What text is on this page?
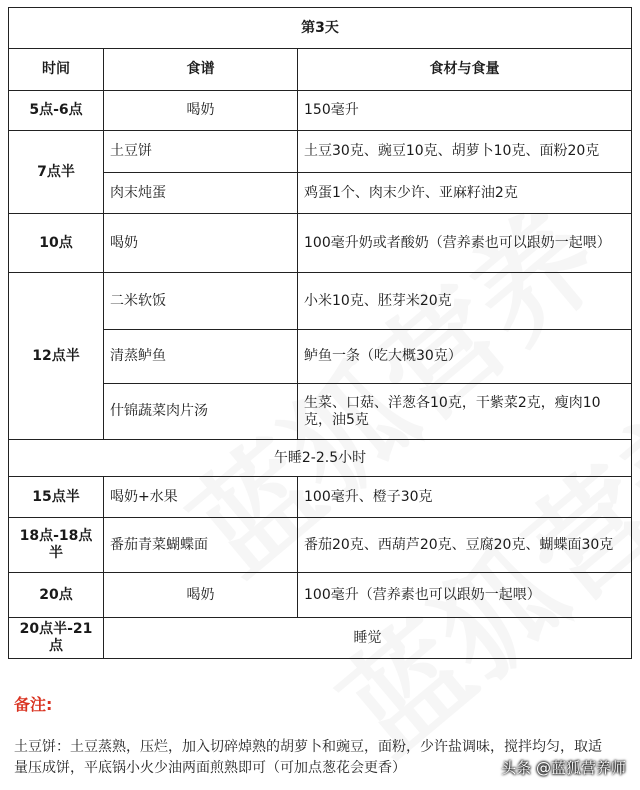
第3天		
时间	食谱	食材与食量
5点-6点	喝奶	150毫升
7点半	土豆饼	土豆30克、豌豆10克、胡萝卜10克、面粉20克
	肉末炖蛋	鸡蛋1个、肉末少许、亚麻籽油2克
10点	喝奶	100毫升奶或者酸奶（营养素也可以跟奶一起喂）
12点半	二米软饭	小米10克、胚芽米20克
	清蒸鲈鱼	鲈鱼一条（吃大概30克）
	什锦蔬菜肉片汤	生菜、口菇、洋葱各10克，干紫菜2克，瘦肉10克，油5克
午睡2-2.5小时		
15点半	喝奶+水果	100毫升、橙子30克
18点-18点半	番茄青菜蝴蝶面	番茄20克、西葫芦20克、豆腐20克、蝴蝶面30克
20点	喝奶	100毫升（营养素也可以跟奶一起喂）
20点半-21点	睡觉	
备注:
土豆饼：土豆蒸熟，压烂，加入切碎焯熟的胡萝卜和豌豆，面粉，少许盐调味，搅拌均匀，取适量压成饼，平底锅小火少油两面煎熟即可（可加点葱花会更香）	头条 @蓝狐营养师
